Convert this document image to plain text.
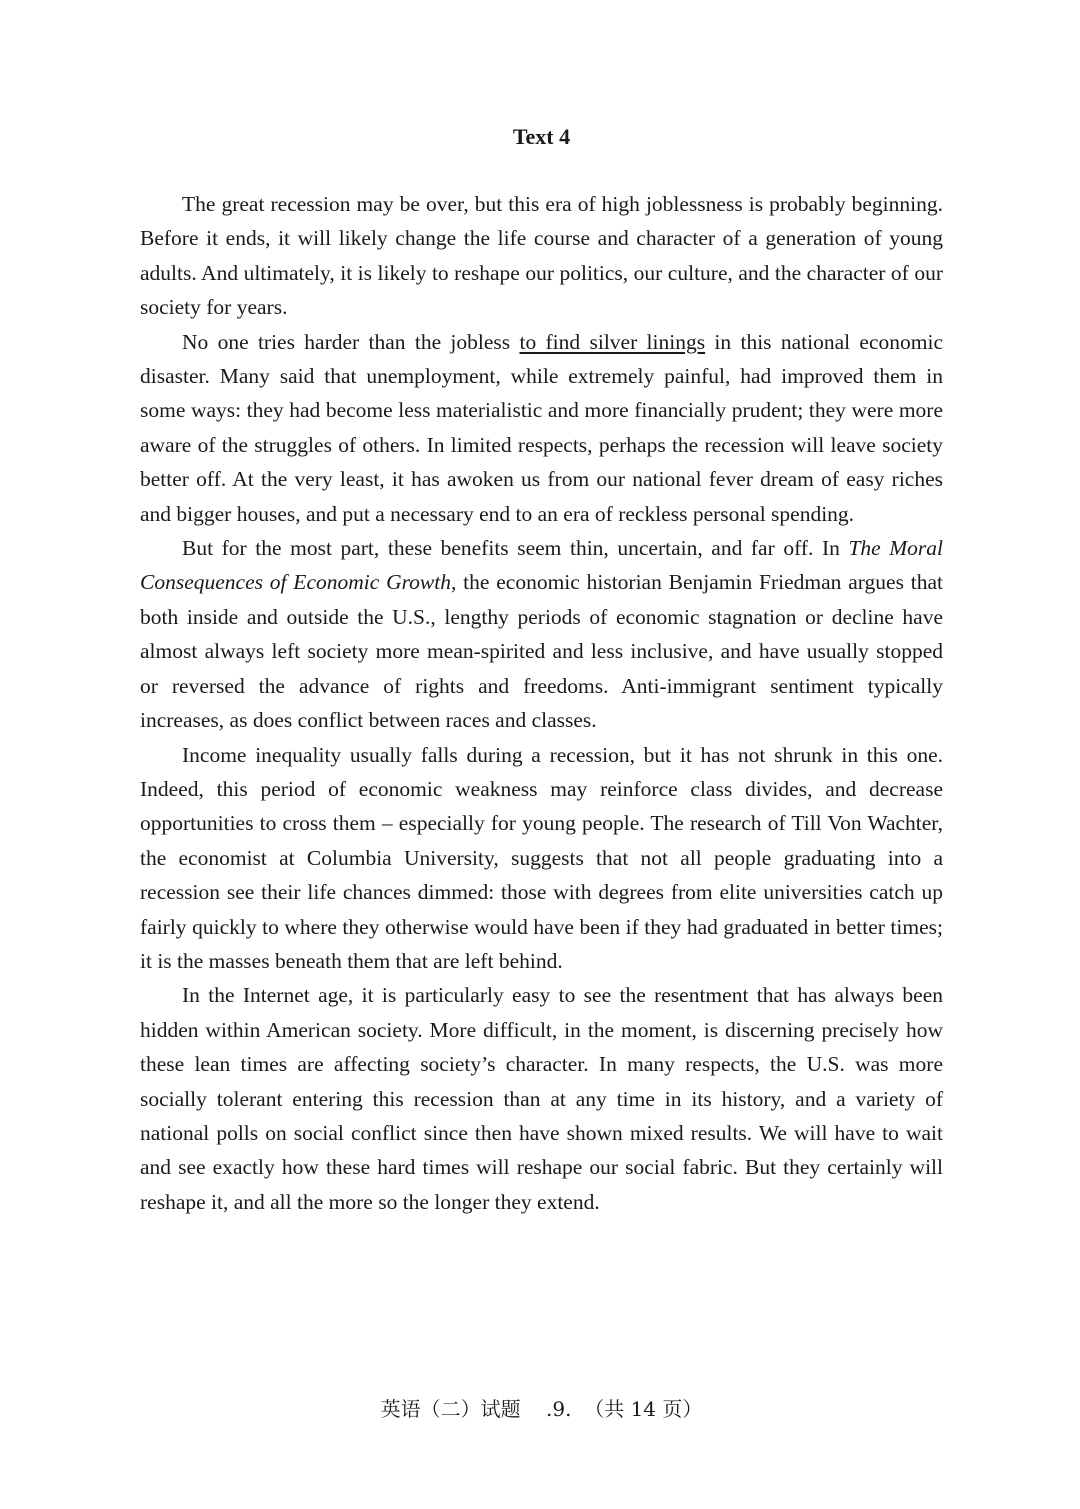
Text 4

The great recession may be over, but this era of high joblessness is probably beginning. Before it ends, it will likely change the life course and character of a generation of young adults. And ultimately, it is likely to reshape our politics, our culture, and the character of our society for years.

No one tries harder than the jobless to find silver linings in this national economic disaster. Many said that unemployment, while extremely painful, had improved them in some ways: they had become less materialistic and more financially prudent; they were more aware of the struggles of others. In limited respects, perhaps the recession will leave society better off. At the very least, it has awoken us from our national fever dream of easy riches and bigger houses, and put a necessary end to an era of reckless personal spending.

But for the most part, these benefits seem thin, uncertain, and far off. In The Moral Consequences of Economic Growth, the economic historian Benjamin Friedman argues that both inside and outside the U.S., lengthy periods of economic stagnation or decline have almost always left society more mean-spirited and less inclusive, and have usually stopped or reversed the advance of rights and freedoms. Anti-immigrant sentiment typically increases, as does conflict between races and classes.

Income inequality usually falls during a recession, but it has not shrunk in this one. Indeed, this period of economic weakness may reinforce class divides, and decrease opportunities to cross them – especially for young people. The research of Till Von Wachter, the economist at Columbia University, suggests that not all people graduating into a recession see their life chances dimmed: those with degrees from elite universities catch up fairly quickly to where they otherwise would have been if they had graduated in better times; it is the masses beneath them that are left behind.

In the Internet age, it is particularly easy to see the resentment that has always been hidden within American society. More difficult, in the moment, is discerning precisely how these lean times are affecting society’s character. In many respects, the U.S. was more socially tolerant entering this recession than at any time in its history, and a variety of national polls on social conflict since then have shown mixed results. We will have to wait and see exactly how these hard times will reshape our social fabric. But they certainly will reshape it, and all the more so the longer they extend.

英语（二）试题 .9. （共 14 页）
